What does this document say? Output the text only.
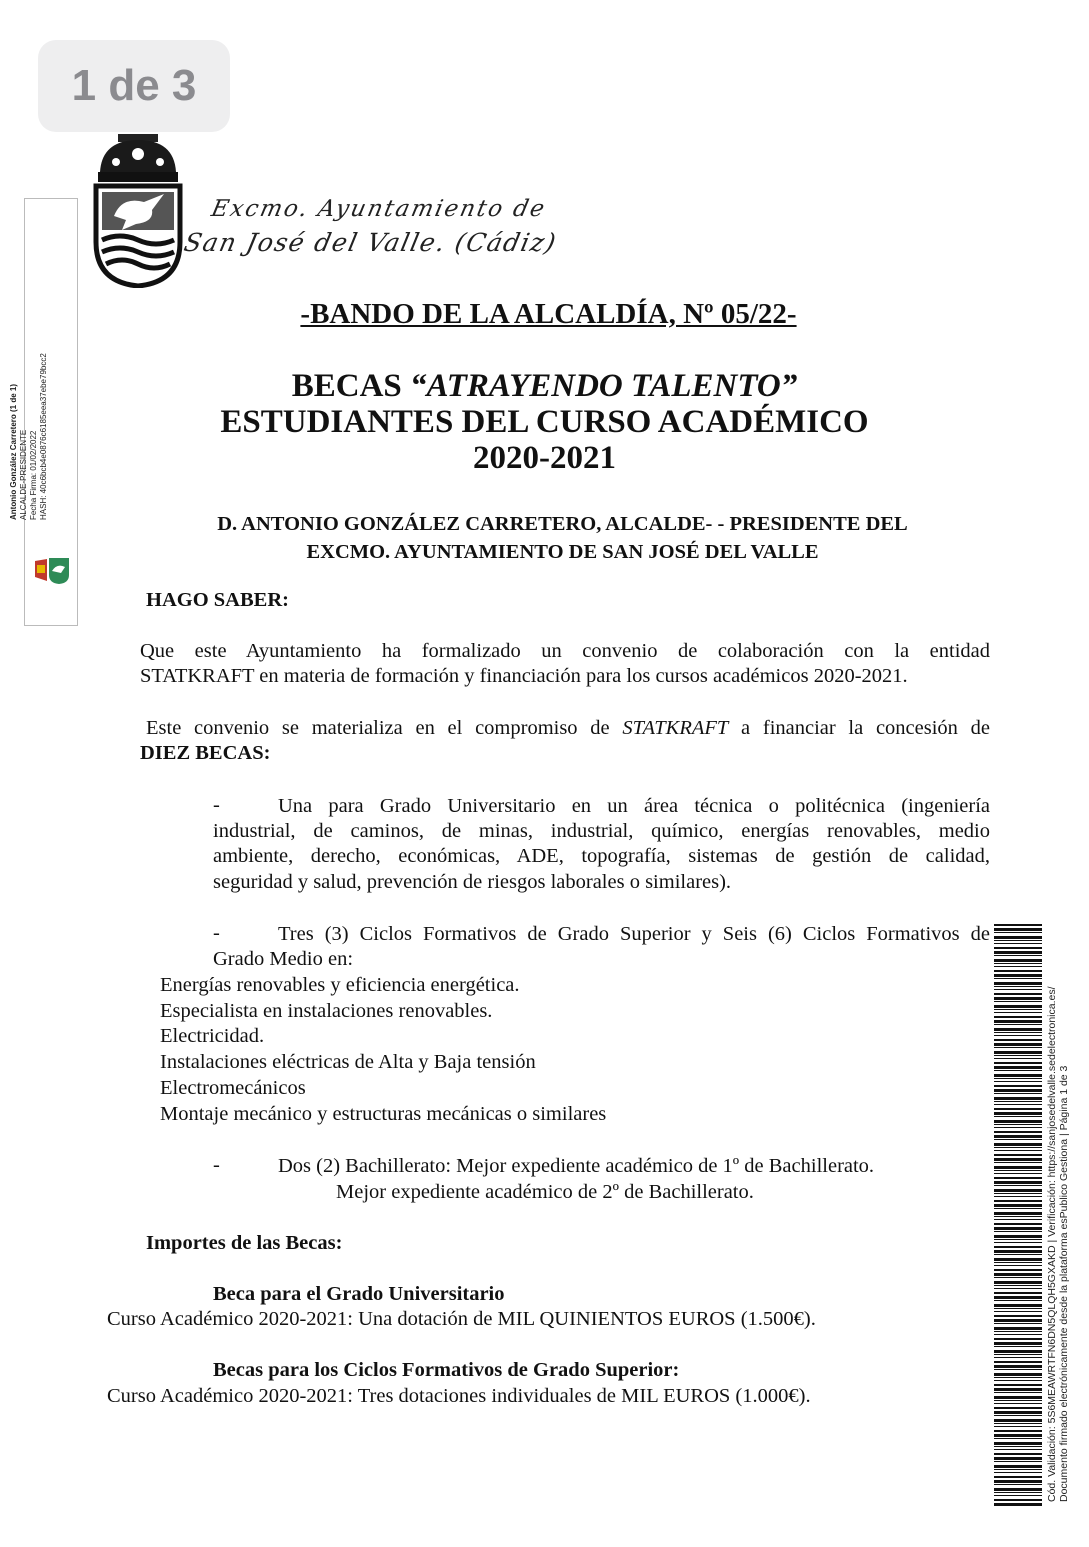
1 de 3
Excmo. Ayuntamiento de
San José del Valle. (Cádiz)
Antonio González Carretero (1 de 1) ALCALDE-PRESIDENTE Fecha Firma: 01/02/2022 HASH: 40c6bcb4e0876c6185eea37ebe79bcc2
-BANDO DE LA ALCALDÍA, Nº 05/22-
BECAS “ATRAYENDO TALENTO”
ESTUDIANTES DEL CURSO ACADÉMICO
2020-2021
D. ANTONIO GONZÁLEZ CARRETERO, ALCALDE- - PRESIDENTE DEL
EXCMO. AYUNTAMIENTO DE SAN JOSÉ DEL VALLE
HAGO SABER:
Que este Ayuntamiento ha formalizado un convenio de colaboración con la entidad
STATKRAFT en materia de formación y financiación para los cursos académicos 2020-2021.
Este convenio se materializa en el compromiso de STATKRAFT a financiar la concesión de
DIEZ BECAS:
-	Una para Grado Universitario en un área técnica o politécnica (ingeniería
industrial, de caminos, de minas, industrial, químico, energías renovables, medio
ambiente, derecho, económicas, ADE, topografía, sistemas de gestión de calidad,
seguridad y salud, prevención de riesgos laborales o similares).
-	Tres (3) Ciclos Formativos de Grado Superior y Seis (6) Ciclos Formativos de
Grado Medio en:
Energías renovables y eficiencia energética.
Especialista en instalaciones renovables.
Electricidad.
Instalaciones eléctricas de Alta y Baja tensión
Electromecánicos
Montaje mecánico y estructuras mecánicas o similares
-	Dos (2) Bachillerato: Mejor expediente académico de 1º de Bachillerato.
Mejor expediente académico de 2º de Bachillerato.
Importes de las Becas:
Beca para el Grado Universitario
Curso Académico 2020-2021: Una dotación de MIL QUINIENTOS EUROS (1.500€).
Becas para los Ciclos Formativos de Grado Superior:
Curso Académico 2020-2021: Tres dotaciones individuales de MIL EUROS (1.000€).	Cód. Validación: 5S6MEAWRTFN6DN5QLQH5GXAKD | Verificación: https://sanjosedelvalle.sedelectronica.es/ Documento firmado electrónicamente desde la plataforma esPublico Gestiona | Página 1 de 3
